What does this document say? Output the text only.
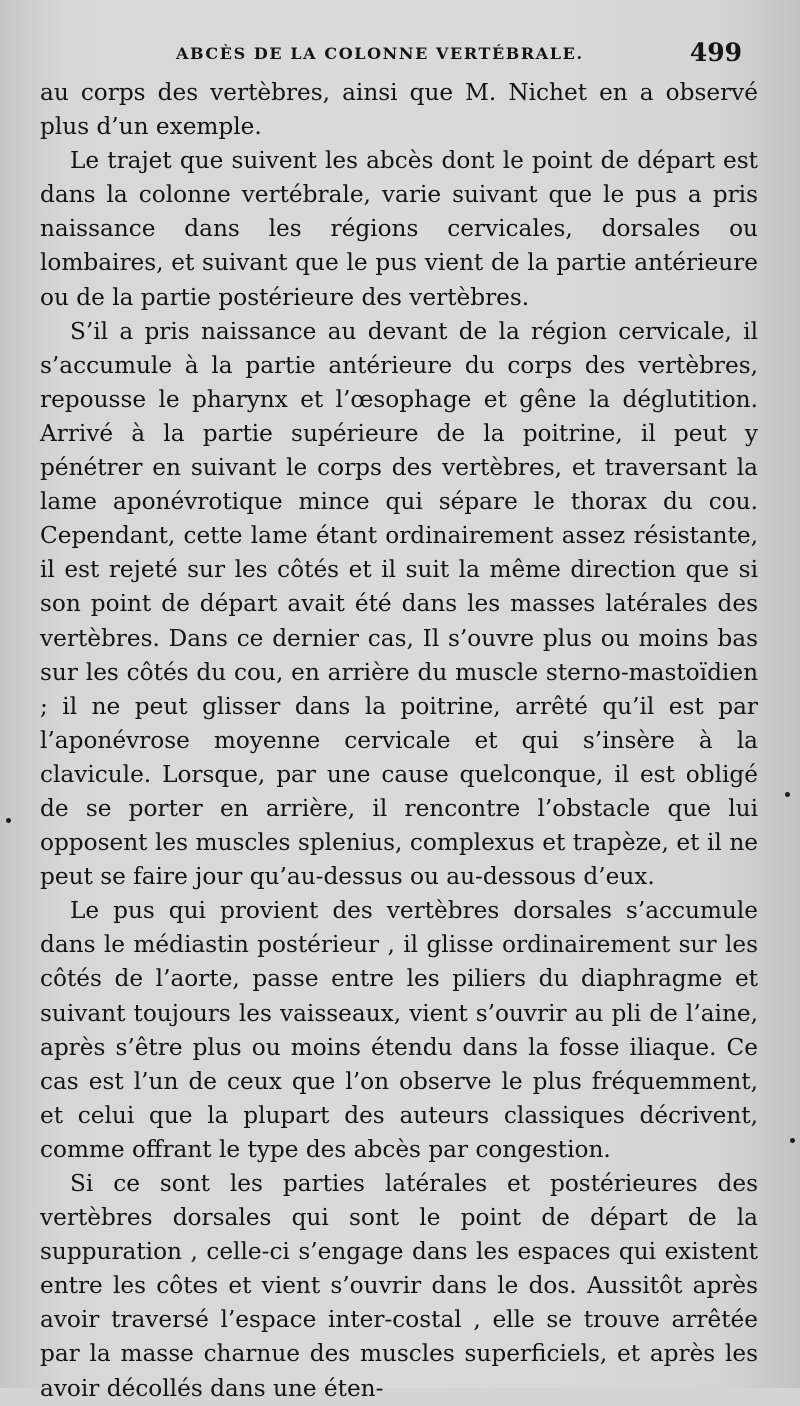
ABCÈS DE LA COLONNE VERTÉBRALE.	499

au corps des vertèbres, ainsi que M. Nichet en a observé plus d’un exemple.

Le trajet que suivent les abcès dont le point de départ est dans la colonne vertébrale, varie suivant que le pus a pris naissance dans les régions cervicales, dorsales ou lombaires, et suivant que le pus vient de la partie antérieure ou de la partie postérieure des vertèbres.

S’il a pris naissance au devant de la région cervicale, il s’accumule à la partie antérieure du corps des vertèbres, repousse le pharynx et l’œsophage et gêne la déglutition. Arrivé à la partie supérieure de la poitrine, il peut y pénétrer en suivant le corps des vertèbres, et traversant la lame aponévrotique mince qui sépare le thorax du cou. Cependant, cette lame étant ordinairement assez résistante, il est rejeté sur les côtés et il suit la même direction que si son point de départ avait été dans les masses latérales des vertèbres. Dans ce dernier cas, Il s’ouvre plus ou moins bas sur les côtés du cou, en arrière du muscle sterno-mastoïdien ; il ne peut glisser dans la poitrine, arrêté qu’il est par l’aponévrose moyenne cervicale et qui s’insère à la clavicule. Lorsque, par une cause quelconque, il est obligé de se porter en arrière, il rencontre l’obstacle que lui opposent les muscles splenius, complexus et trapèze, et il ne peut se faire jour qu’au-dessus ou au-dessous d’eux.

Le pus qui provient des vertèbres dorsales s’accumule dans le médiastin postérieur , il glisse ordinairement sur les côtés de l’aorte, passe entre les piliers du diaphragme et suivant toujours les vaisseaux, vient s’ouvrir au pli de l’aine, après s’être plus ou moins étendu dans la fosse iliaque. Ce cas est l’un de ceux que l’on observe le plus fréquemment, et celui que la plupart des auteurs classiques décrivent, comme offrant le type des abcès par congestion.

Si ce sont les parties latérales et postérieures des vertèbres dorsales qui sont le point de départ de la suppuration , celle-ci s’engage dans les espaces qui existent entre les côtes et vient s’ouvrir dans le dos. Aussitôt après avoir traversé l’espace inter-costal , elle se trouve arrêtée par la masse charnue des muscles superficiels, et après les avoir décollés dans une éten-
